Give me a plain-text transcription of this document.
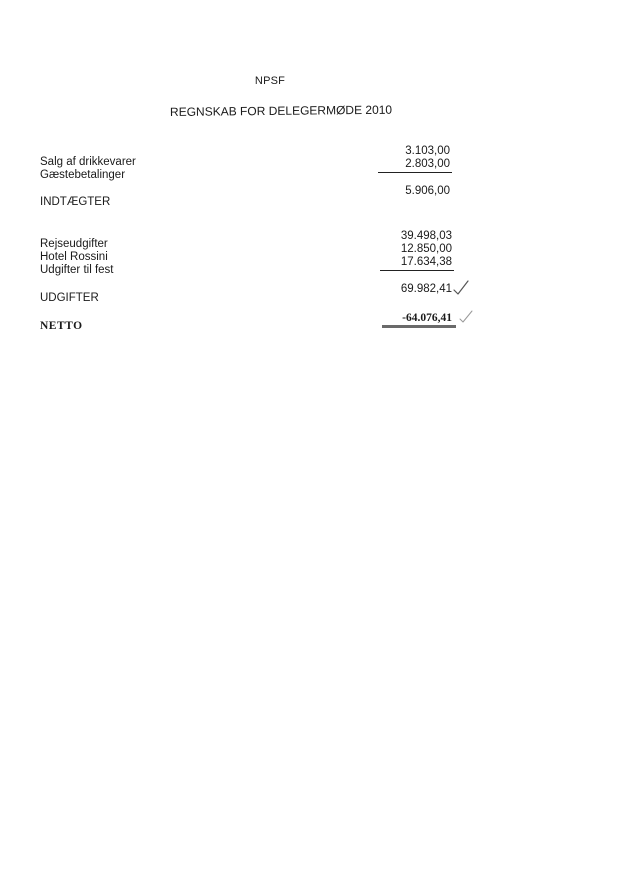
NPSF
REGNSKAB FOR DELEGERMØDE 2010
3.103,00
2.803,00
Salg af drikkevarer
Gæstebetalinger
5.906,00
INDTÆGTER
39.498,03
12.850,00
17.634,38
Rejseudgifter
Hotel Rossini
Udgifter til fest
69.982,41
UDGIFTER
-64.076,41
NETTO
